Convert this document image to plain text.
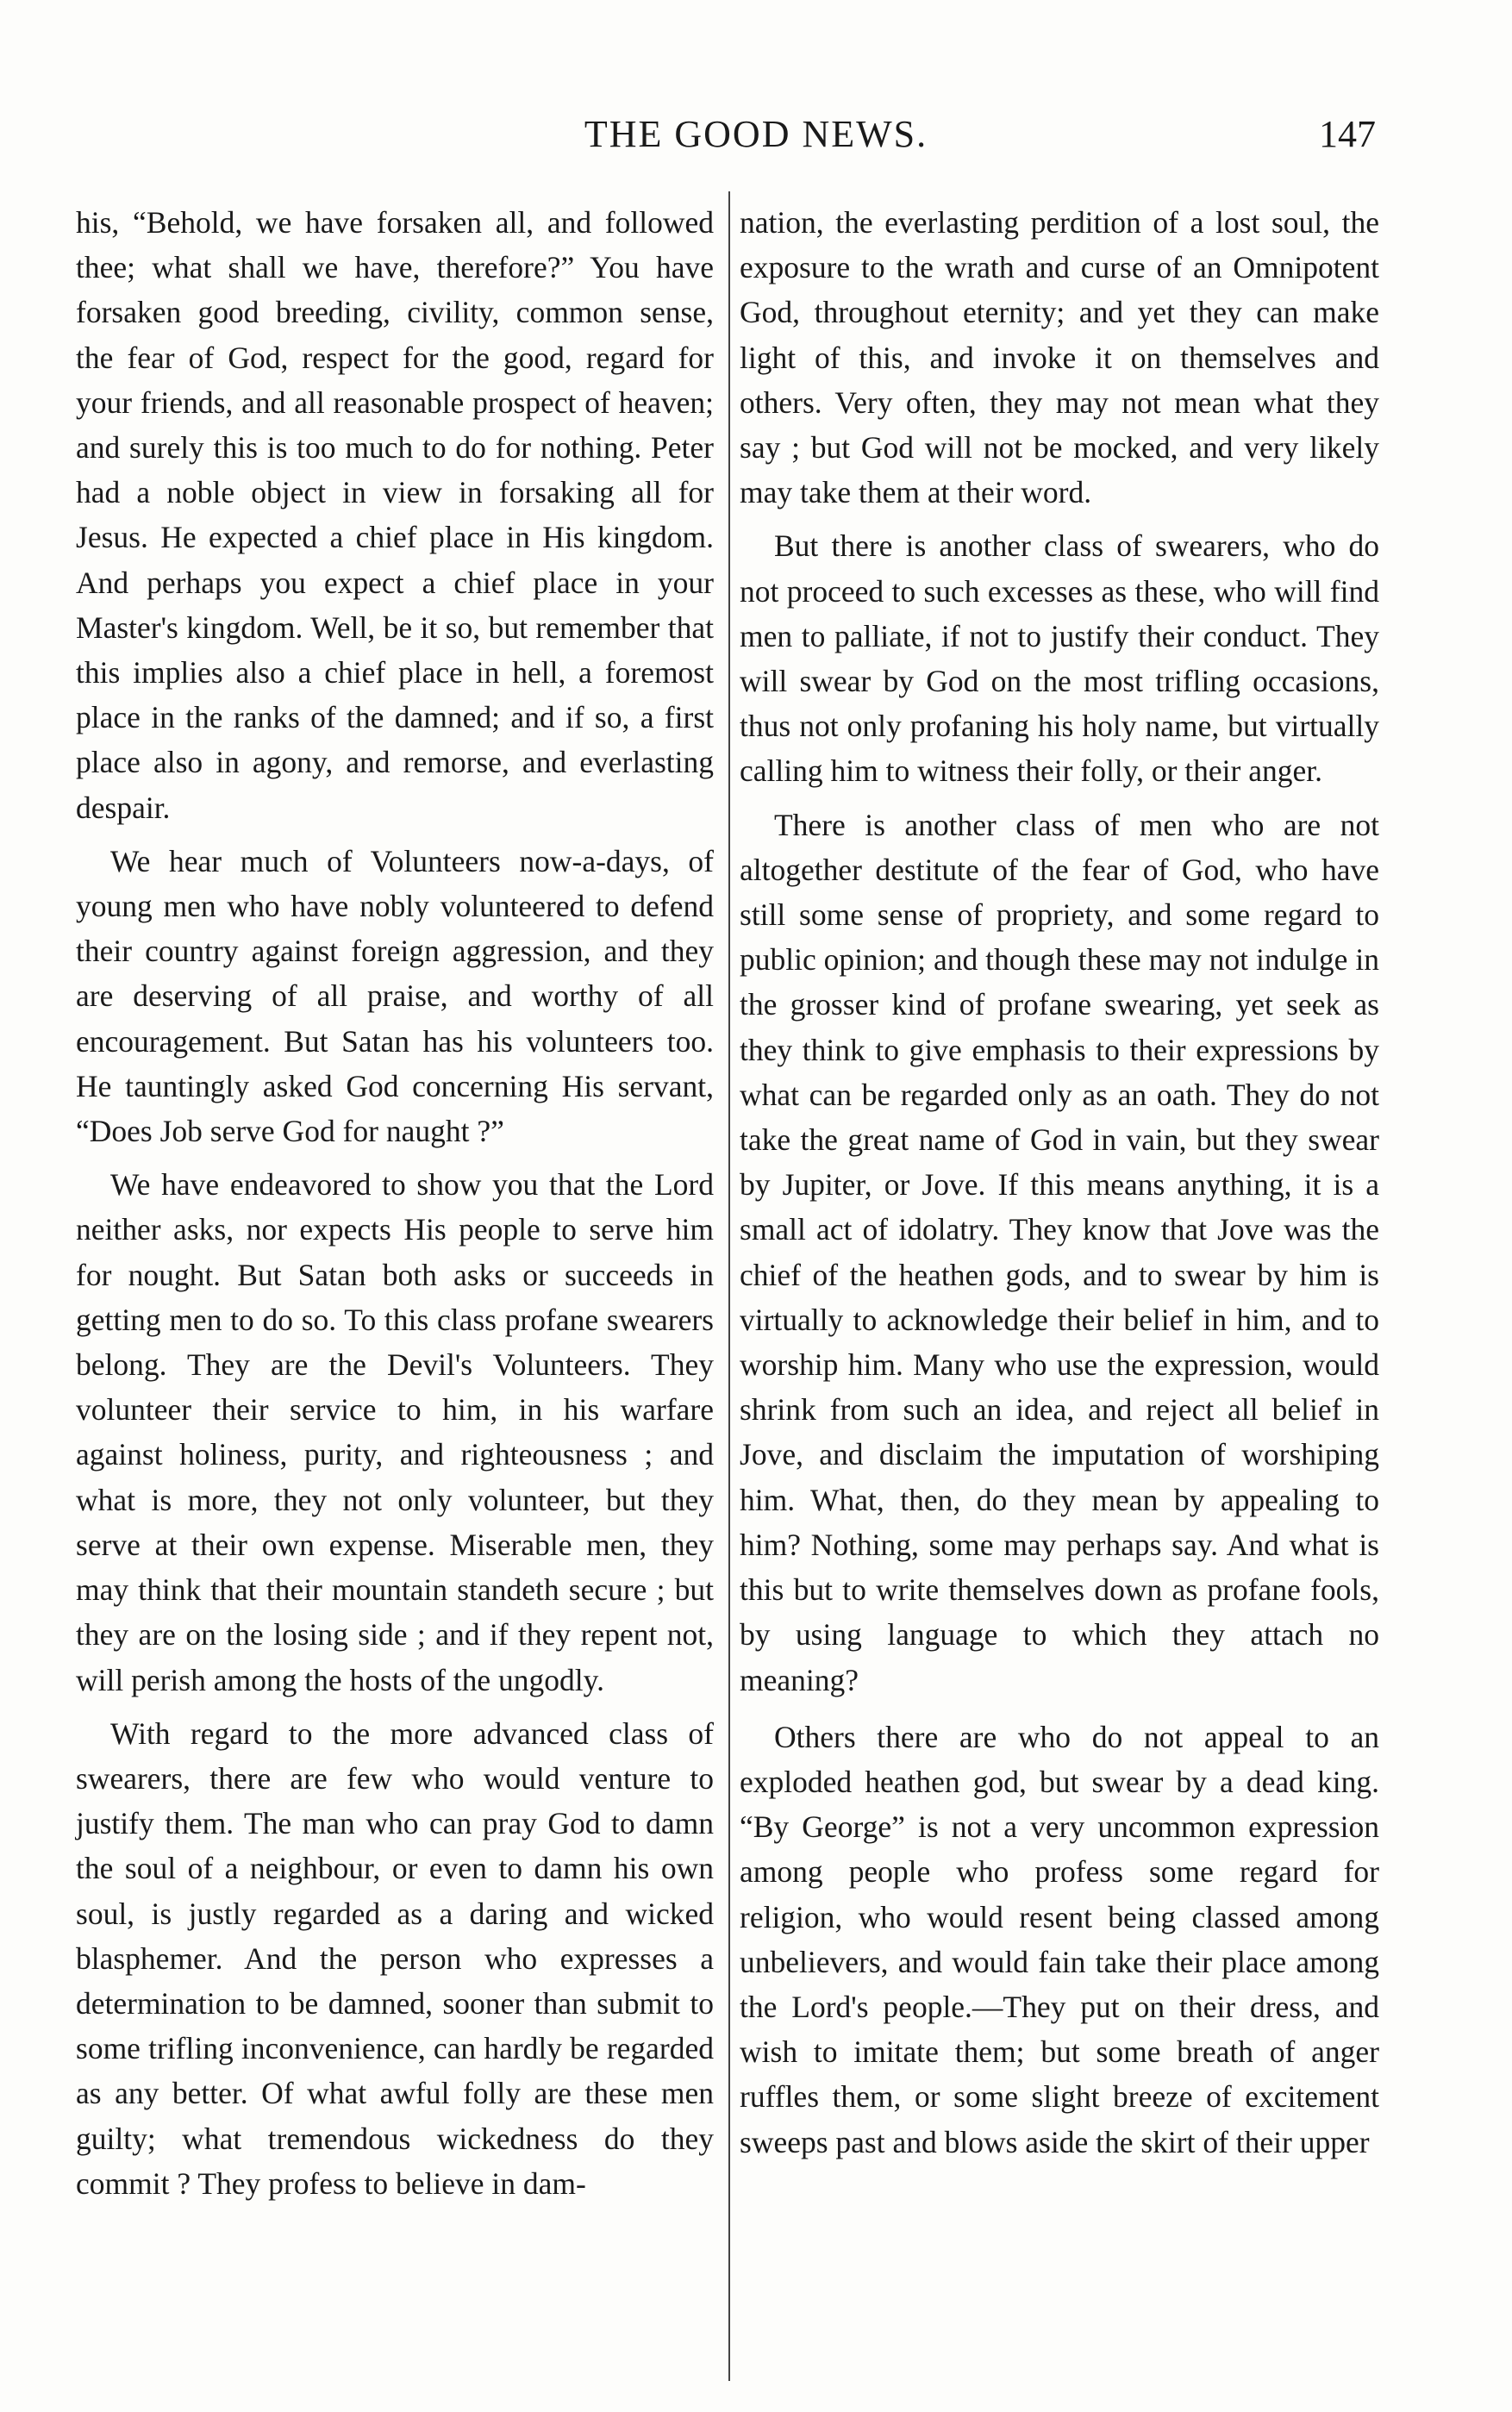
THE GOOD NEWS.	147

his, “Behold, we have forsaken all, and followed thee; what shall we have, therefore?” You have forsaken good breeding, civility, common sense, the fear of God, respect for the good, regard for your friends, and all reasonable prospect of heaven; and surely this is too much to do for nothing. Peter had a noble object in view in forsaking all for Jesus. He expected a chief place in His kingdom. And perhaps you expect a chief place in your Master's kingdom. Well, be it so, but remember that this implies also a chief place in hell, a foremost place in the ranks of the damned; and if so, a first place also in agony, and remorse, and everlasting despair.

We hear much of Volunteers now-a-days, of young men who have nobly volunteered to defend their country against foreign aggression, and they are deserving of all praise, and worthy of all encouragement. But Satan has his volunteers too. He tauntingly asked God concerning His servant, “Does Job serve God for naught ?”

We have endeavored to show you that the Lord neither asks, nor expects His people to serve him for nought. But Satan both asks or succeeds in getting men to do so. To this class profane swearers belong. They are the Devil's Volunteers. They volunteer their service to him, in his warfare against holiness, purity, and righteousness ; and what is more, they not only volunteer, but they serve at their own expense. Miserable men, they may think that their mountain standeth secure ; but they are on the losing side ; and if they repent not, will perish among the hosts of the ungodly.

With regard to the more advanced class of swearers, there are few who would venture to justify them. The man who can pray God to damn the soul of a neighbour, or even to damn his own soul, is justly regarded as a daring and wicked blasphemer. And the person who expresses a determination to be damned, sooner than submit to some trifling inconvenience, can hardly be regarded as any better. Of what awful folly are these men guilty; what tremendous wickedness do they commit ? They profess to believe in dam-

nation, the everlasting perdition of a lost soul, the exposure to the wrath and curse of an Omnipotent God, throughout eternity; and yet they can make light of this, and invoke it on themselves and others. Very often, they may not mean what they say ; but God will not be mocked, and very likely may take them at their word.

But there is another class of swearers, who do not proceed to such excesses as these, who will find men to palliate, if not to justify their conduct. They will swear by God on the most trifling occasions, thus not only profaning his holy name, but virtually calling him to witness their folly, or their anger.

There is another class of men who are not altogether destitute of the fear of God, who have still some sense of propriety, and some regard to public opinion; and though these may not indulge in the grosser kind of profane swearing, yet seek as they think to give emphasis to their expressions by what can be regarded only as an oath. They do not take the great name of God in vain, but they swear by Jupiter, or Jove. If this means anything, it is a small act of idolatry. They know that Jove was the chief of the heathen gods, and to swear by him is virtually to acknowledge their belief in him, and to worship him. Many who use the expression, would shrink from such an idea, and reject all belief in Jove, and disclaim the imputation of worshiping him. What, then, do they mean by appealing to him? Nothing, some may perhaps say. And what is this but to write themselves down as profane fools, by using language to which they attach no meaning?

Others there are who do not appeal to an exploded heathen god, but swear by a dead king. “By George” is not a very uncommon expression among people who profess some regard for religion, who would resent being classed among unbelievers, and would fain take their place among the Lord's people.—They put on their dress, and wish to imitate them; but some breath of anger ruffles them, or some slight breeze of excitement sweeps past and blows aside the skirt of their upper
